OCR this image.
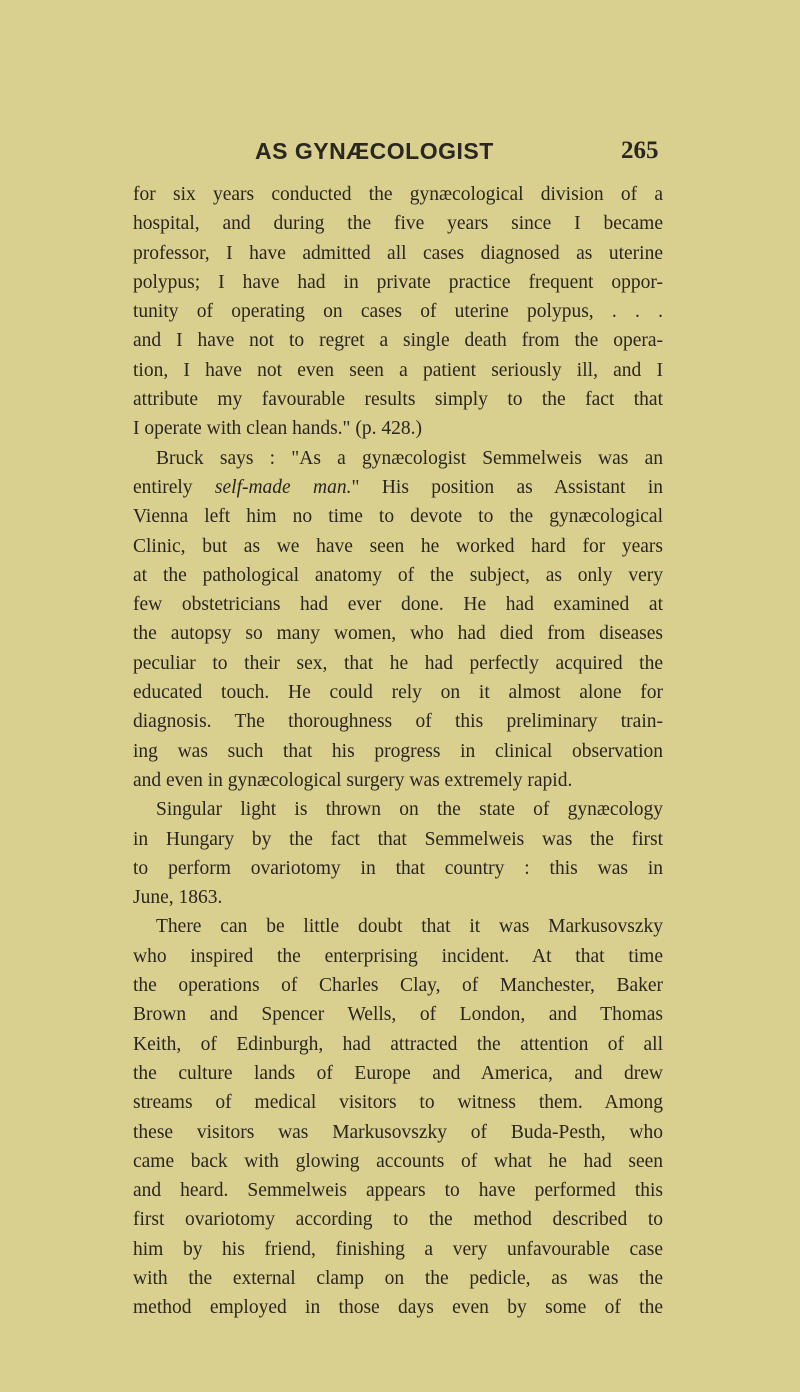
AS GYNÆCOLOGIST	265
for six years conducted the gynæcological division of a
hospital, and during the five years since I became
professor, I have admitted all cases diagnosed as uterine
polypus; I have had in private practice frequent oppor-
tunity of operating on cases of uterine polypus, . . .
and I have not to regret a single death from the opera-
tion, I have not even seen a patient seriously ill, and I
attribute my favourable results simply to the fact that
I operate with clean hands." (p. 428.)
Bruck says : "As a gynæcologist Semmelweis was an
entirely self-made man." His position as Assistant in
Vienna left him no time to devote to the gynæcological
Clinic, but as we have seen he worked hard for years
at the pathological anatomy of the subject, as only very
few obstetricians had ever done. He had examined at
the autopsy so many women, who had died from diseases
peculiar to their sex, that he had perfectly acquired the
educated touch. He could rely on it almost alone for
diagnosis. The thoroughness of this preliminary train-
ing was such that his progress in clinical observation
and even in gynæcological surgery was extremely rapid.
Singular light is thrown on the state of gynæcology
in Hungary by the fact that Semmelweis was the first
to perform ovariotomy in that country : this was in
June, 1863.
There can be little doubt that it was Markusovszky
who inspired the enterprising incident. At that time
the operations of Charles Clay, of Manchester, Baker
Brown and Spencer Wells, of London, and Thomas
Keith, of Edinburgh, had attracted the attention of all
the culture lands of Europe and America, and drew
streams of medical visitors to witness them. Among
these visitors was Markusovszky of Buda-Pesth, who
came back with glowing accounts of what he had seen
and heard. Semmelweis appears to have performed this
first ovariotomy according to the method described to
him by his friend, finishing a very unfavourable case
with the external clamp on the pedicle, as was the
method employed in those days even by some of the
